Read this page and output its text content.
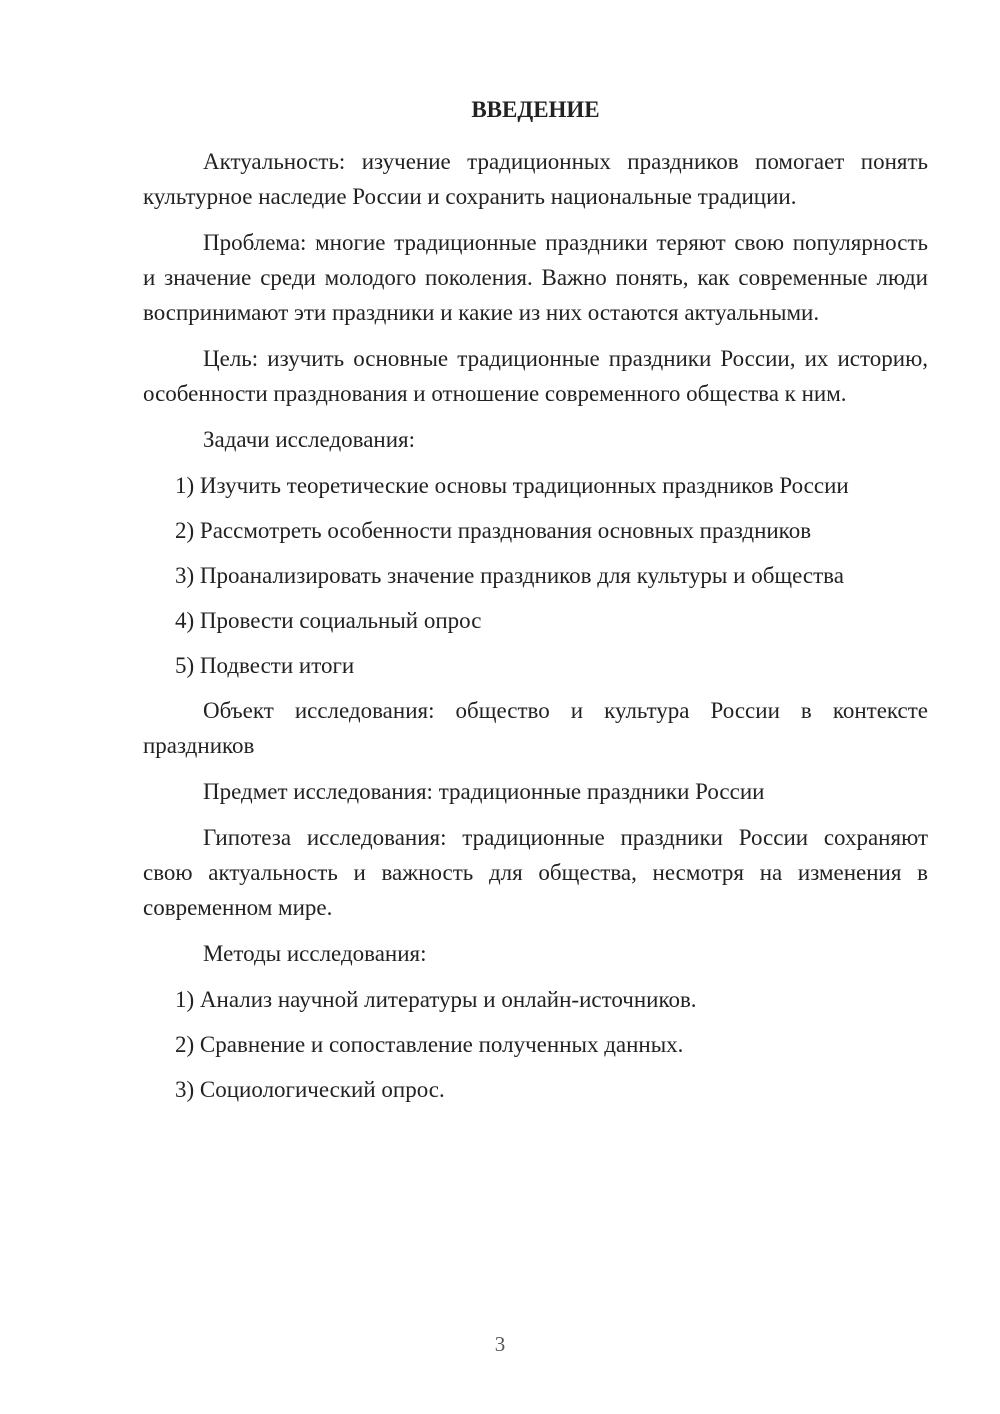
ВВЕДЕНИЕ

Актуальность: изучение традиционных праздников помогает понять культурное наследие России и сохранить национальные традиции.

Проблема: многие традиционные праздники теряют свою популярность и значение среди молодого поколения. Важно понять, как современные люди воспринимают эти праздники и какие из них остаются актуальными.

Цель: изучить основные традиционные праздники России, их историю, особенности празднования и отношение современного общества к ним.

Задачи исследования:
1) Изучить теоретические основы традиционных праздников России
2) Рассмотреть особенности празднования основных праздников
3) Проанализировать значение праздников для культуры и общества
4) Провести социальный опрос
5) Подвести итоги

Объект исследования: общество и культура России в контексте праздников

Предмет исследования: традиционные праздники России

Гипотеза исследования: традиционные праздники России сохраняют свою актуальность и важность для общества, несмотря на изменения в современном мире.

Методы исследования:
1) Анализ научной литературы и онлайн-источников.
2) Сравнение и сопоставление полученных данных.
3) Социологический опрос.
3
